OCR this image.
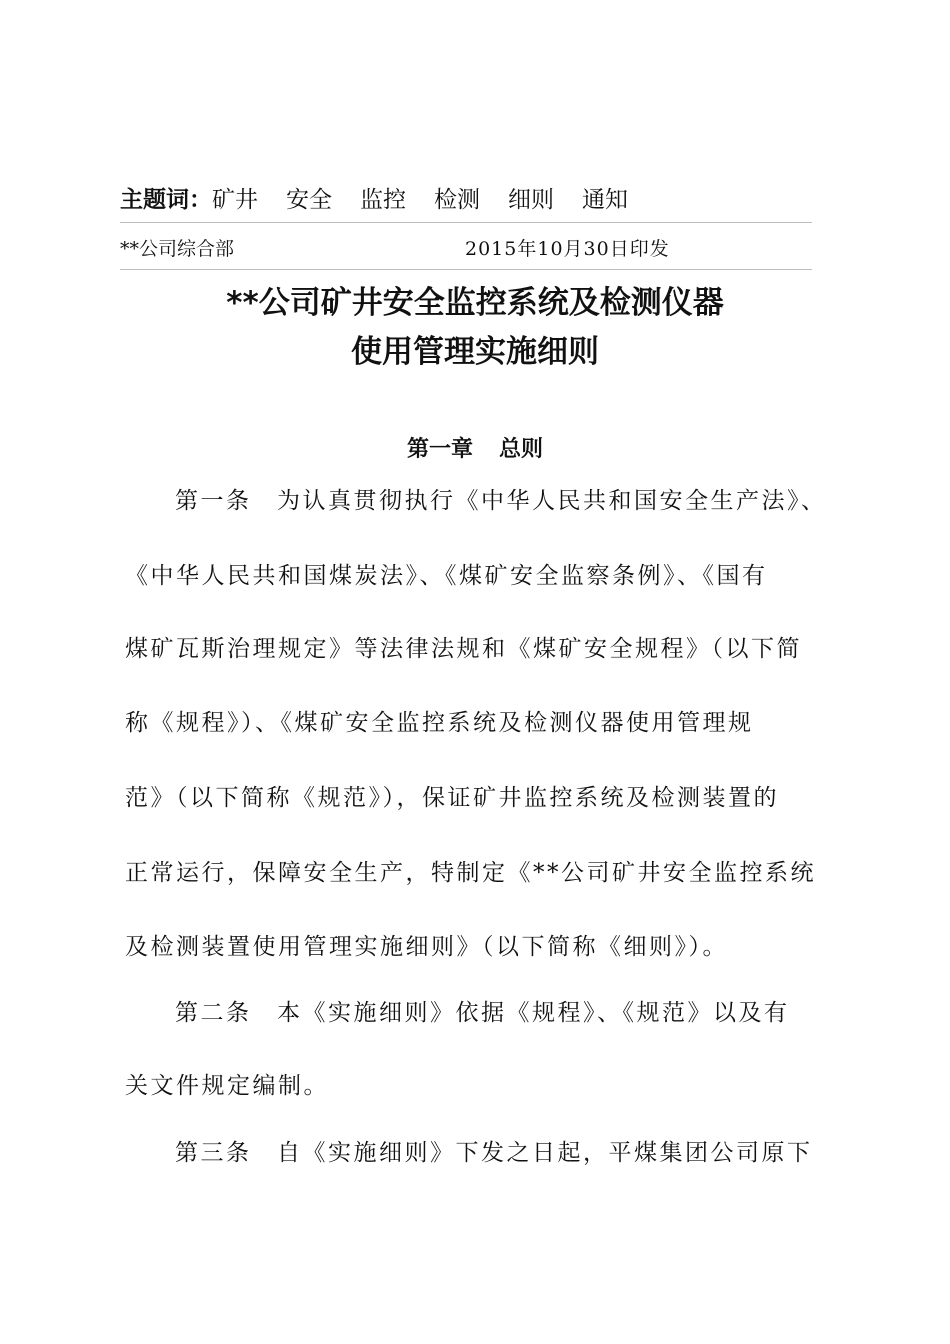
主题词：矿井 安全 监控 检测 细则 通知
**公司综合部	2015年10月30日印发
**公司矿井安全监控系统及检测仪器
使用管理实施细则
第一章 总则
第一条　为认真贯彻执行《中华人民共和国安全生产法》、
《中华人民共和国煤炭法》、《煤矿安全监察条例》、《国有
煤矿瓦斯治理规定》等法律法规和《煤矿安全规程》（以下简
称《规程》）、《煤矿安全监控系统及检测仪器使用管理规
范》（以下简称《规范》），保证矿井监控系统及检测装置的
正常运行，保障安全生产，特制定《**公司矿井安全监控系统
及检测装置使用管理实施细则》（以下简称《细则》）。
第二条　本《实施细则》依据《规程》、《规范》以及有
关文件规定编制。
第三条　自《实施细则》下发之日起，平煤集团公司原下
